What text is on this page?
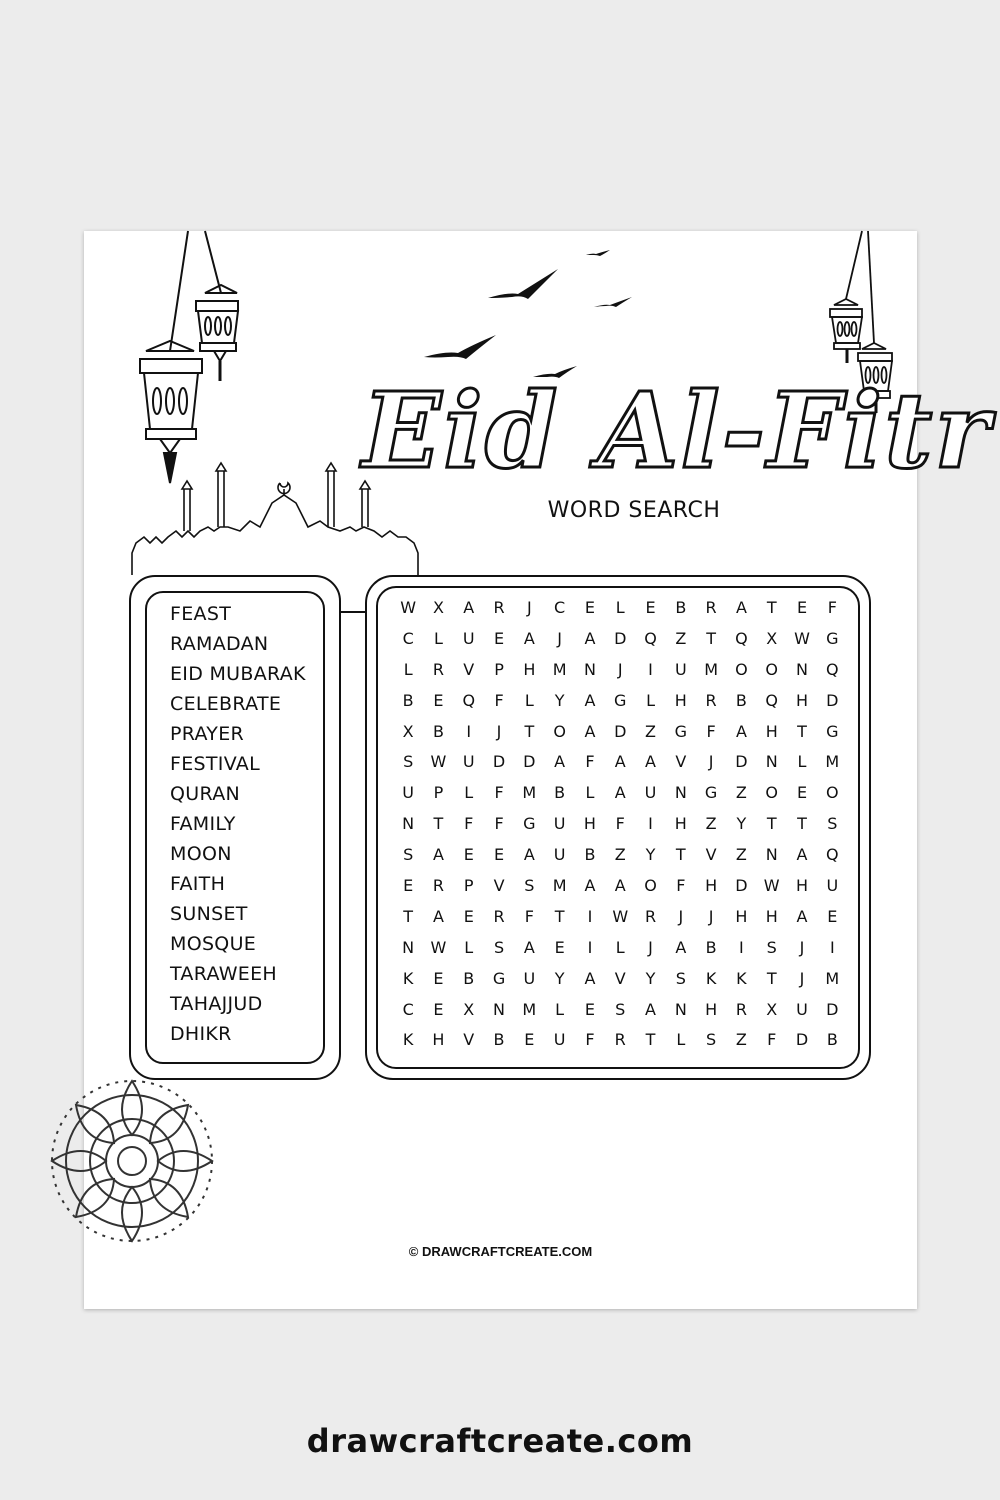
Eid Al-Fitr
WORD SEARCH
FEAST
RAMADAN
EID MUBARAK
CELEBRATE
PRAYER
FESTIVAL
QURAN
FAMILY
MOON
FAITH
SUNSET
MOSQUE
TARAWEEH
TAHAJJUD
DHIKR
W	X	A	R	J	C	E	L	E	B	R	A	T	E	F
C	L	U	E	A	J	A	D	Q	Z	T	Q	X	W	G
L	R	V	P	H	M	N	J	I	U	M	O	O	N	Q
B	E	Q	F	L	Y	A	G	L	H	R	B	Q	H	D
X	B	I	J	T	O	A	D	Z	G	F	A	H	T	G
S	W	U	D	D	A	F	A	A	V	J	D	N	L	M
U	P	L	F	M	B	L	A	U	N	G	Z	O	E	O
N	T	F	F	G	U	H	F	I	H	Z	Y	T	T	S
S	A	E	E	A	U	B	Z	Y	T	V	Z	N	A	Q
E	R	P	V	S	M	A	A	O	F	H	D	W	H	U
T	A	E	R	F	T	I	W	R	J	J	H	H	A	E
N	W	L	S	A	E	I	L	J	A	B	I	S	J	I
K	E	B	G	U	Y	A	V	Y	S	K	K	T	J	M
C	E	X	N	M	L	E	S	A	N	H	R	X	U	D
K	H	V	B	E	U	F	R	T	L	S	Z	F	D	B
© DRAWCRAFTCREATE.COM
drawcraftcreate.com
